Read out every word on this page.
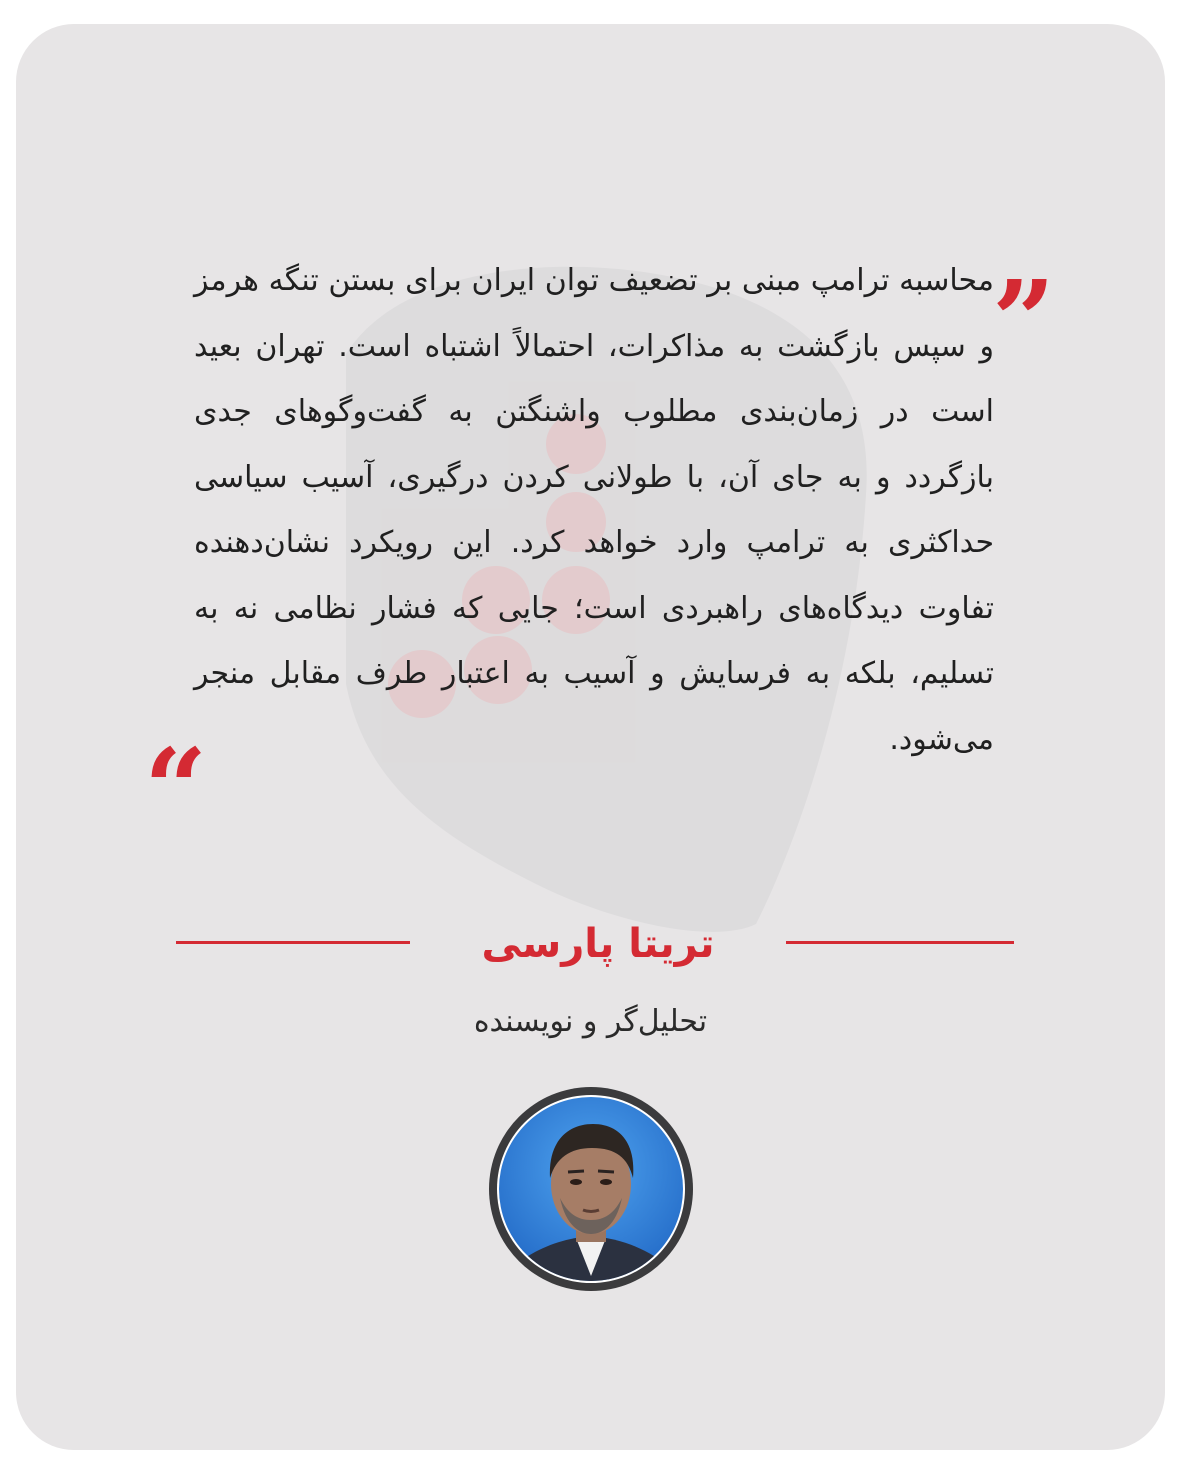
”

محاسبه ترامپ مبنی بر تضعیف توان ایران برای بستن تنگه هرمز و سپس بازگشت به مذاکرات، احتمالاً اشتباه است. تهران بعید است در زمان‌بندی مطلوب واشنگتن به گفت‌وگوهای جدی بازگردد و به جای آن، با طولانی کردن درگیری، آسیب سیاسی حداکثری به ترامپ وارد خواهد کرد. این رویکرد نشان‌دهنده تفاوت دیدگاه‌های راهبردی است؛ جایی که فشار نظامی نه به تسلیم، بلکه به فرسایش و آسیب به اعتبار طرف مقابل منجر می‌شود.

“
تریتا پارسی
تحلیل‌گر و نویسنده
